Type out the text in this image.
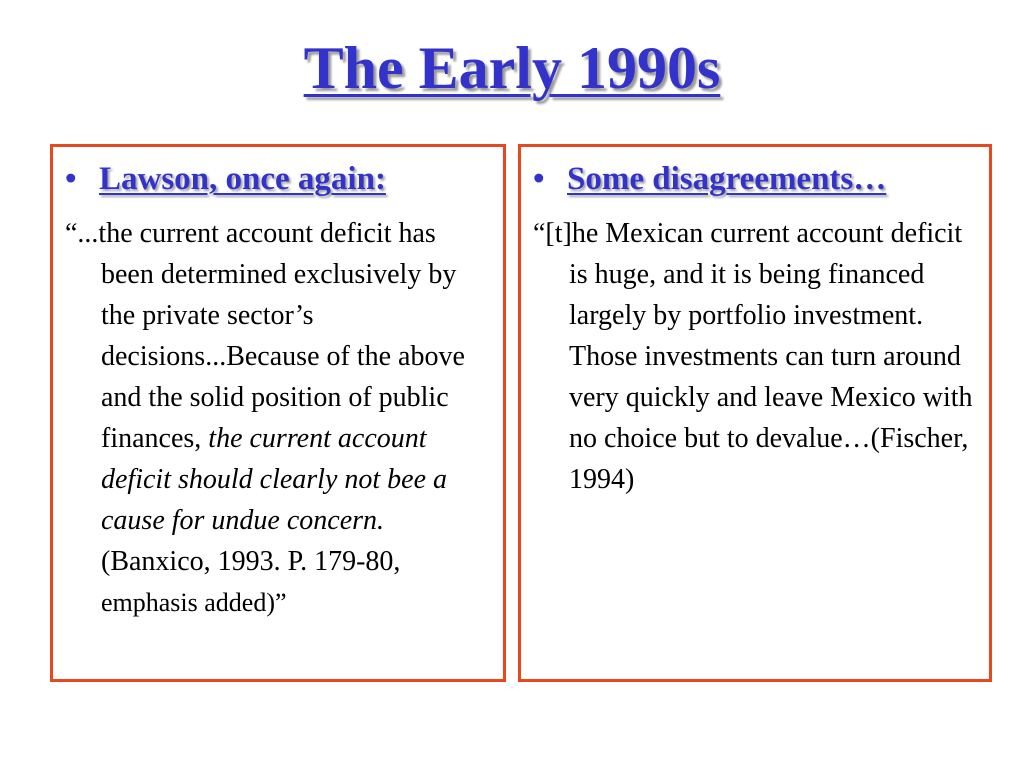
The Early 1990s
• Lawson, once again:
“...the current account deficit has been determined exclusively by the private sector’s decisions...Because of the above and the solid position of public finances, the current account deficit should clearly not bee a cause for undue concern. (Banxico, 1993. P. 179-80, emphasis added)”
• Some disagreements…
“[t]he Mexican current account deficit is huge, and it is being financed largely by portfolio investment. Those investments can turn around very quickly and leave Mexico with no choice but to devalue…(Fischer, 1994)
